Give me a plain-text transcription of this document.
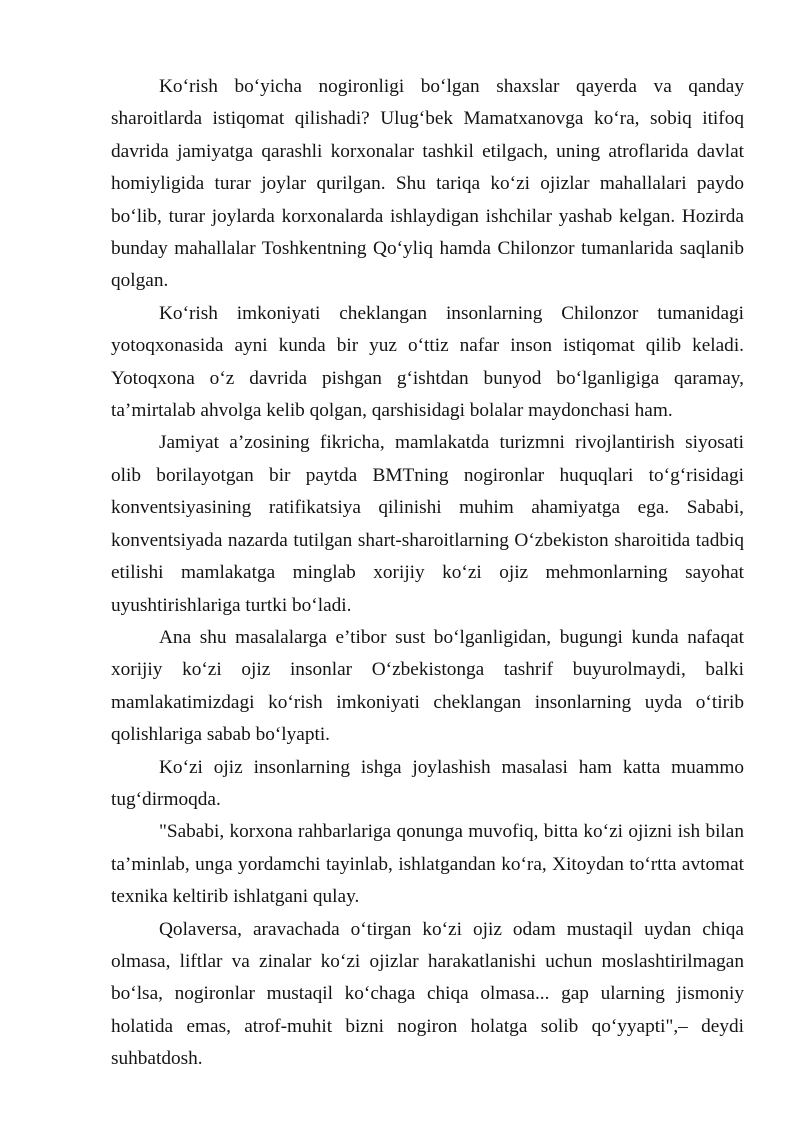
Ko‘rish bo‘yicha nogironligi bo‘lgan shaxslar qayerda va qanday sharoitlarda istiqomat qilishadi? Ulug‘bek Mamatxanovga ko‘ra, sobiq itifoq davrida jamiyatga qarashli korxonalar tashkil etilgach, uning atroflarida davlat homiyligida turar joylar qurilgan. Shu tariqa ko‘zi ojizlar mahallalari paydo bo‘lib, turar joylarda korxonalarda ishlaydigan ishchilar yashab kelgan. Hozirda bunday mahallalar Toshkentning Qo‘yliq hamda Chilonzor tumanlarida saqlanib qolgan.

Ko‘rish imkoniyati cheklangan insonlarning Chilonzor tumanidagi yotoqxonasida ayni kunda bir yuz o‘ttiz nafar inson istiqomat qilib keladi. Yotoqxona o‘z davrida pishgan g‘ishtdan bunyod bo‘lganligiga qaramay, ta’mirtalab ahvolga kelib qolgan, qarshisidagi bolalar maydonchasi ham.

Jamiyat a’zosining fikricha, mamlakatda turizmni rivojlantirish siyosati olib borilayotgan bir paytda BMTning nogironlar huquqlari to‘g‘risidagi konventsiyasining ratifikatsiya qilinishi muhim ahamiyatga ega. Sababi, konventsiyada nazarda tutilgan shart-sharoitlarning O‘zbekiston sharoitida tadbiq etilishi mamlakatga minglab xorijiy ko‘zi ojiz mehmonlarning sayohat uyushtirishlariga turtki bo‘ladi.

Ana shu masalalarga e’tibor sust bo‘lganligidan, bugungi kunda nafaqat xorijiy ko‘zi ojiz insonlar O‘zbekistonga tashrif buyurolmaydi, balki mamlakatimizdagi ko‘rish imkoniyati cheklangan insonlarning uyda o‘tirib qolishlariga sabab bo‘lyapti.

Ko‘zi ojiz insonlarning ishga joylashish masalasi ham katta muammo tug‘dirmoqda.

"Sababi, korxona rahbarlariga qonunga muvofiq, bitta ko‘zi ojizni ish bilan ta’minlab, unga yordamchi tayinlab, ishlatgandan ko‘ra, Xitoydan to‘rtta avtomat texnika keltirib ishlatgani qulay.

Qolaversa, aravachada o‘tirgan ko‘zi ojiz odam mustaqil uydan chiqa olmasa, liftlar va zinalar ko‘zi ojizlar harakatlanishi uchun moslashtirilmagan bo‘lsa, nogironlar mustaqil ko‘chaga chiqa olmasa... gap ularning jismoniy holatida emas, atrof-muhit bizni nogiron holatga solib qo‘yyapti",– deydi suhbatdosh.
